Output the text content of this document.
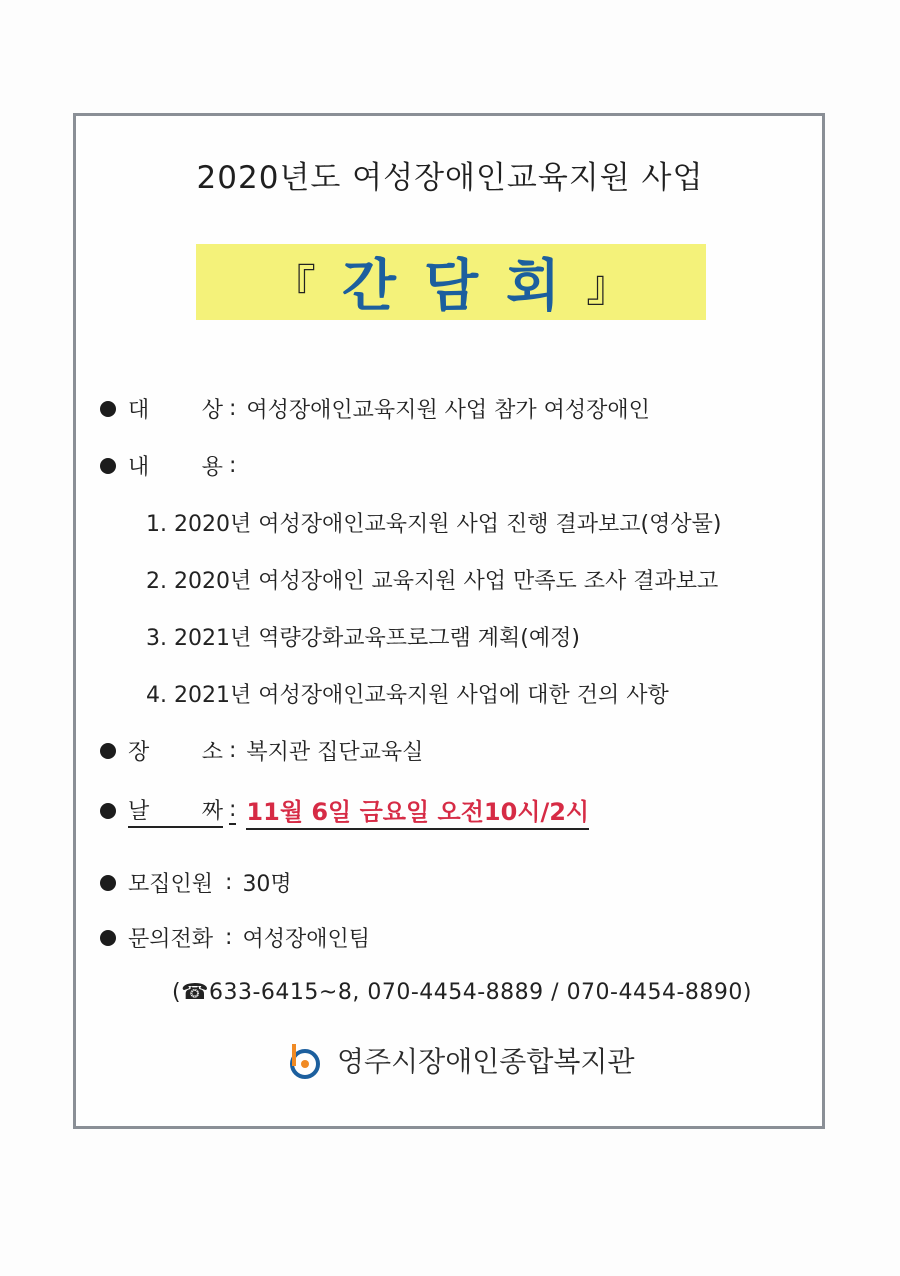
2020년도 여성장애인교육지원 사업
『 간담회
』
대 상 : 여성장애인교육지원 사업 참가 여성장애인
내 용 :
1. 2020년 여성장애인교육지원 사업 진행 결과보고(영상물)
2. 2020년 여성장애인 교육지원 사업 만족도 조사 결과보고
3. 2021년 역량강화교육프로그램 계획(예정)
4. 2021년 여성장애인교육지원 사업에 대한 건의 사항
장 소 : 복지관 집단교육실
날 짜 : 11월 6일 금요일 오전10시/2시
모집인원 : 30명
문의전화 : 여성장애인팀
(☎633-6415~8, 070-4454-8889 / 070-4454-8890)
영주시장애인종합복지관
